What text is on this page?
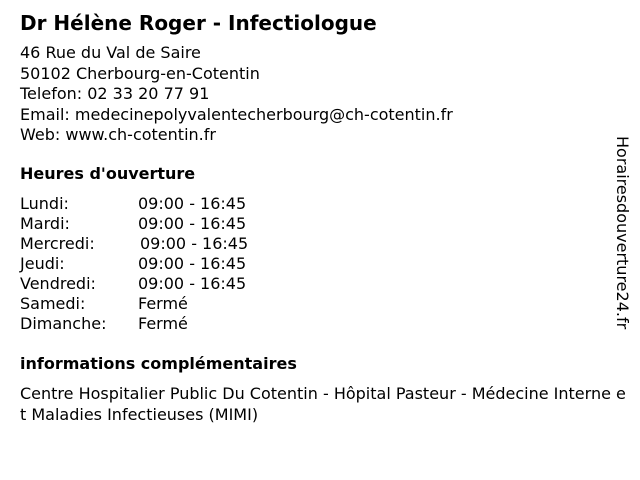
Dr Hélène Roger - Infectiologue
46 Rue du Val de Saire
50102 Cherbourg-en-Cotentin
Telefon: 02 33 20 77 91
Email: medecinepolyvalentecherbourg@ch-cotentin.fr
Web: www.ch-cotentin.fr
Heures d'ouverture
Lundi:	09:00 - 16:45
Mardi:	09:00 - 16:45
Mercredi:	09:00 - 16:45
Jeudi:	09:00 - 16:45
Vendredi:	09:00 - 16:45
Samedi:	Fermé
Dimanche: Fermé
informations complémentaires
Centre Hospitalier Public Du Cotentin - Hôpital Pasteur - Médecine Interne et Maladies Infectieuses (MIMI)
Horairesdouverture24.fr
